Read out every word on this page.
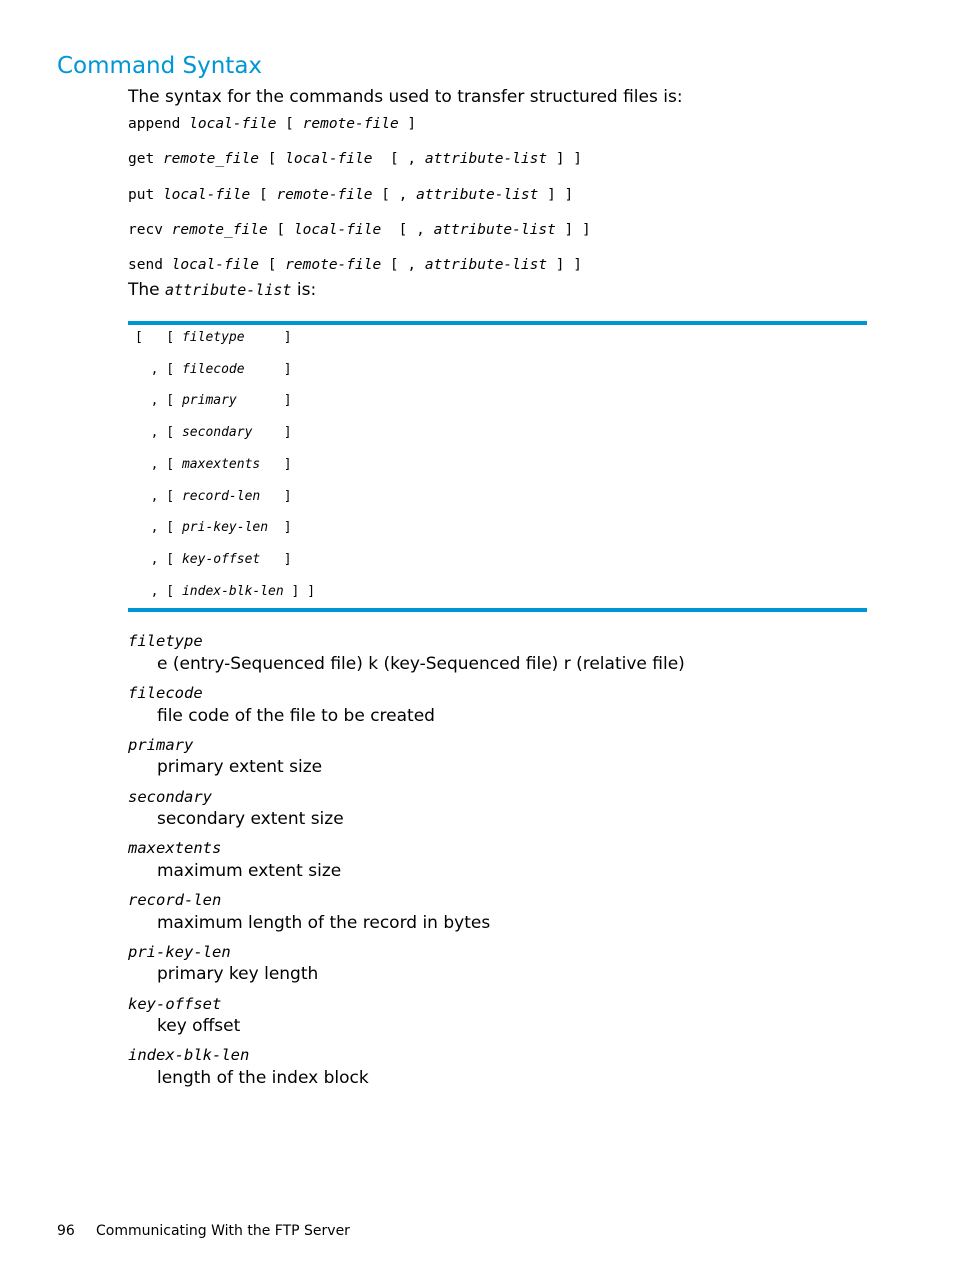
Command Syntax
The syntax for the commands used to transfer structured files is:
append local-file [ remote-file ]
get remote_file [ local-file  [ , attribute-list ] ]
put local-file [ remote-file [ , attribute-list ] ]
recv remote_file [ local-file  [ , attribute-list ] ]
send local-file [ remote-file [ , attribute-list ] ]
The attribute-list is:
[   [ filetype     ]
, [ filecode     ]
, [ primary      ]
, [ secondary    ]
, [ maxextents   ]
, [ record-len   ]
, [ pri-key-len  ]
, [ key-offset   ]
, [ index-blk-len ] ]
filetype
e (entry-Sequenced file) k (key-Sequenced file) r (relative file)
filecode
file code of the file to be created
primary
primary extent size
secondary
secondary extent size
maxextents
maximum extent size
record-len
maximum length of the record in bytes
pri-key-len
primary key length
key-offset
key offset
index-blk-len
length of the index block
96 Communicating With the FTP Server
